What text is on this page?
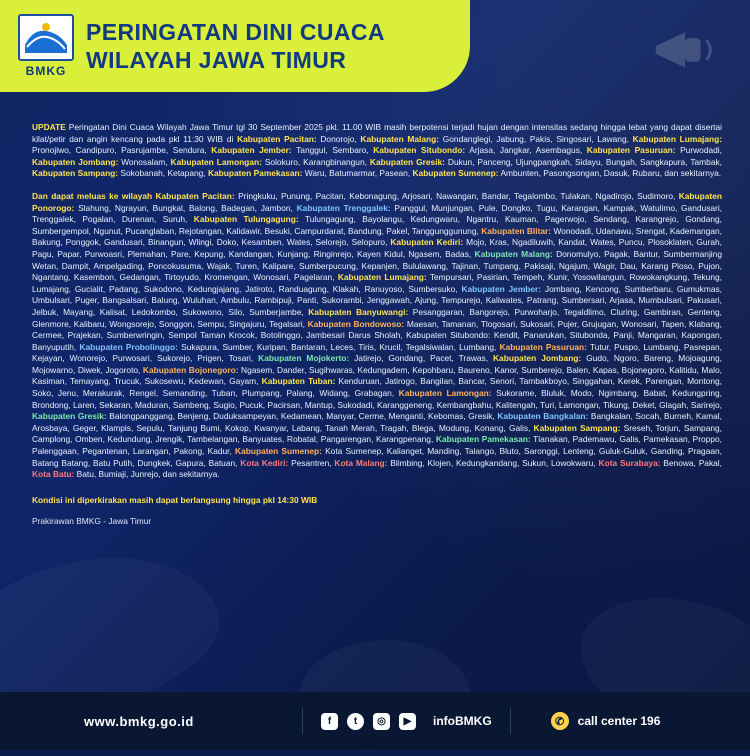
BMKG
PERINGATAN DINI CUACA
WILAYAH JAWA TIMUR

UPDATE Peringatan Dini Cuaca Wilayah Jawa Timur tgl 30 September 2025 pkl. 11.00 WIB masih berpotensi terjadi hujan dengan intensitas sedang hingga lebat yang dapat disertai kilat/petir dan angin kencang pada pkl 11:30 WIB di Kabupaten Pacitan: Donorojo, Kabupaten Malang: Gondanglegi, Jabung, Pakis, Singosari, Lawang, Kabupaten Lumajang: Pronojiwo, Candipuro, Pasrujambe, Sendura, Kabupaten Jember: Tanggul, Sembaro, Kabupaten Situbondo: Arjasa, Jangkar, Asembagus, Kabupaten Pasuruan: Purwodadi, Kabupaten Jombang: Wonosalam, Kabupaten Lamongan: Solokuro, Karangbinangun, Kabupaten Gresik: Dukun, Panceng, Ujungpangkah, Sidayu, Bungah, Sangkapura, Tambak, Kabupaten Sampang: Sokobanah, Ketapang, Kabupaten Pamekasan: Waru, Batumarmar, Pasean, Kabupaten Sumenep: Ambunten, Pasongsongan, Dasuk, Rubaru, dan sekitarnya.

Dan dapat meluas ke wilayah Kabupaten Pacitan: Pringkuku, Punung, Pacitan, Kebonagung, Arjosari, Nawangan, Bandar, Tegalombo, Tulakan, Ngadirojo, Sudimoro, Kabupaten Ponorogo: Slahung, Ngrayun, Bungkal, Balong, Badegan, Jambon, Kabupaten Trenggalek: Panggul, Munjungan, Pule, Dongko, Tugu, Karangan, Kampak, Watulimo, Gandusari, Trenggalek, Pogalan, Durenan, Suruh, Kabupaten Tulungagung: Tulungagung, Bayolangu, Kedungwaru, Ngantru, Kauman, Pagerwojo, Sendang, Karangrejo, Gondang, Sumbergempol, Ngunut, Pucanglaban, Rejotangan, Kalidawir, Besuki, Campurdarat, Bandung, Pakel, Tanggunggunung, Kabupaten Blitar: Wonodadi, Udanawu, Srengat, Kademangan, Bakung, Ponggok, Gandusari, Binangun, Wlingi, Doko, Kesamben, Wates, Selorejo, Selopuro, Kabupaten Kediri: Mojo, Kras, Ngadiluwih, Kandat, Wates, Puncu, Plosoklaten, Gurah, Pagu, Papar, Purwoasri, Plemahan, Pare, Kepung, Kandangan, Kunjang, Ringinrejo, Kayen Kidul, Ngasem, Badas, Kabupaten Malang: Donomulyo, Pagak, Bantur, Sumbermanjing Wetan, Dampit, Ampelgading, Poncokusuma, Wajak, Turen, Kalipare, Sumberpucung, Kepanjen, Bululawang, Tajinan, Tumpang, Pakisaji, Ngajum, Wagir, Dau, Karang Ploso, Pujon, Ngantang, Kasembon, Gedangan, Tirtoyudo, Kromengan, Wonosari, Pagelaran, Kabupaten Lumajang: Tempursari, Pasirian, Tempeh, Kunir, Yosowilangun, Rowokangkung, Tekung, Lumajang, Gucialit, Padang, Sukodono, Kedungjajang, Jatiroto, Randuagung, Klakah, Ranuyoso, Sumbersuko, Kabupaten Jember: Jombang, Kencong, Sumberbaru, Gumukmas, Umbulsari, Puger, Bangsalsari, Balung, Wuluhan, Ambulu, Rambipuji, Panti, Sukorambi, Jenggawah, Ajung, Tempurejo, Kaliwates, Patrang, Sumbersari, Arjasa, Mumbulsari, Pakusari, Jelbuk, Mayang, Kalisat, Ledokombo, Sukowono, Silo, Sumberjambe, Kabupaten Banyuwangi: Pesanggaran, Bangorejo, Purwoharjo, Tegaldlimo, Cluring, Gambiran, Genteng, Glenmore, Kalibaru, Wongsorejo, Songgon, Sempu, Singajuru, Tegalsari, Kabupaten Bondowoso: Maesan, Tamanan, Tlogosari, Sukosari, Pujer, Grujugan, Wonosari, Tapen, Klabang, Cermee, Prajekan, Sumberwringin, Sempol Taman Krocok, Botolinggo, Jambesari Darus Sholah, Kabupaten Situbondo: Kendit, Panarukan, Situbonda, Panji, Mangaran, Kapongan, Banyuputih, Kabupaten Probolinggo: Sukapura, Sumber, Kuripan, Bantaran, Leces, Tiris, Krucil, Tegalsiwalan, Lumbang, Kabupaten Pasuruan: Tutur, Puspo, Lumbang, Pasrepan, Kejayan, Wonorejo, Purwosari, Sukorejo, Prigen, Tosari, Kabupaten Mojokerto: Jatirejo, Gondang, Pacet, Trawas, Kabupaten Jombang: Gudo, Ngoro, Bareng, Mojoagung, Mojowarno, Diwek, Jogoroto, Kabupaten Bojonegoro: Ngasem, Dander, Sugihwaras, Kedungadem, Kepohbaru, Baureno, Kanor, Sumberejo, Balen, Kapas, Bojonegoro, Kalitidu, Malo, Kasiman, Temayang, Trucuk, Sukosewu, Kedewan, Gayam, Kabupaten Tuban: Kenduruan, Jatirogo, Bangilan, Bancar, Senori, Tambakboyo, Singgahan, Kerek, Parengan, Montong, Soko, Jenu, Merakurak, Rengel, Semanding, Tuban, Plumpang, Palang, Widang, Grabagan, Kabupaten Lamongan: Sukorame, Bluluk, Modo, Ngimbang, Babat, Kedungpring, Brondong, Laren, Sekaran, Maduran, Sambeng, Sugio, Pucuk, Pacirsan, Mantup, Sukodadi, Karanggeneng, Kembangbahu, Kalitengah, Turi, Lamongan, Tikung, Deket, Glagah, Sarirejo, Kabupaten Gresik: Balongpanggang, Benjeng, Duduksampeyan, Kedamean, Manyar, Cerme, Menganti, Kebomas, Gresik, Kabupaten Bangkalan: Bangkalan, Socah, Burneh, Kamal, Arosbaya, Geger, Klampis, Sepulu, Tanjung Bumi, Kokop, Kwanyar, Labang, Tanah Merah, Tragah, Blega, Modung, Konang, Galis, Kabupaten Sampang: Sreseh, Torjun, Sampang, Camplong, Omben, Kedundung, Jrengik, Tambelangan, Banyuates, Robatal, Pangarengan, Karangpenang, Kabupaten Pamekasan: Tlanakan, Pademawu, Galis, Pamekasan, Proppo, Palenggaan, Pegantenan, Larangan, Pakong, Kadur, Kabupaten Sumenep: Kota Sumenep, Kalianget, Manding, Talango, Bluto, Saronggi, Lenteng, Guluk-Guluk, Ganding, Pragaan, Batang Batang, Batu Putih, Dungkek, Gapura, Batuan, Kota Kediri: Pesantren, Kota Malang: Blimbing, Klojen, Kedungkandang, Sukun, Lowokwaru, Kota Surabaya: Benowa, Pakal, Kota Batu: Batu, Bumiaji, Junrejo, dan sekitarnya.

Kondisi ini diperkirakan masih dapat berlangsung hingga pkl 14:30 WIB
Prakirawan BMKG - Jawa Timur
www.bmkg.go.id	f	t	◎	▶	infoBMKG	✆	call center 196
